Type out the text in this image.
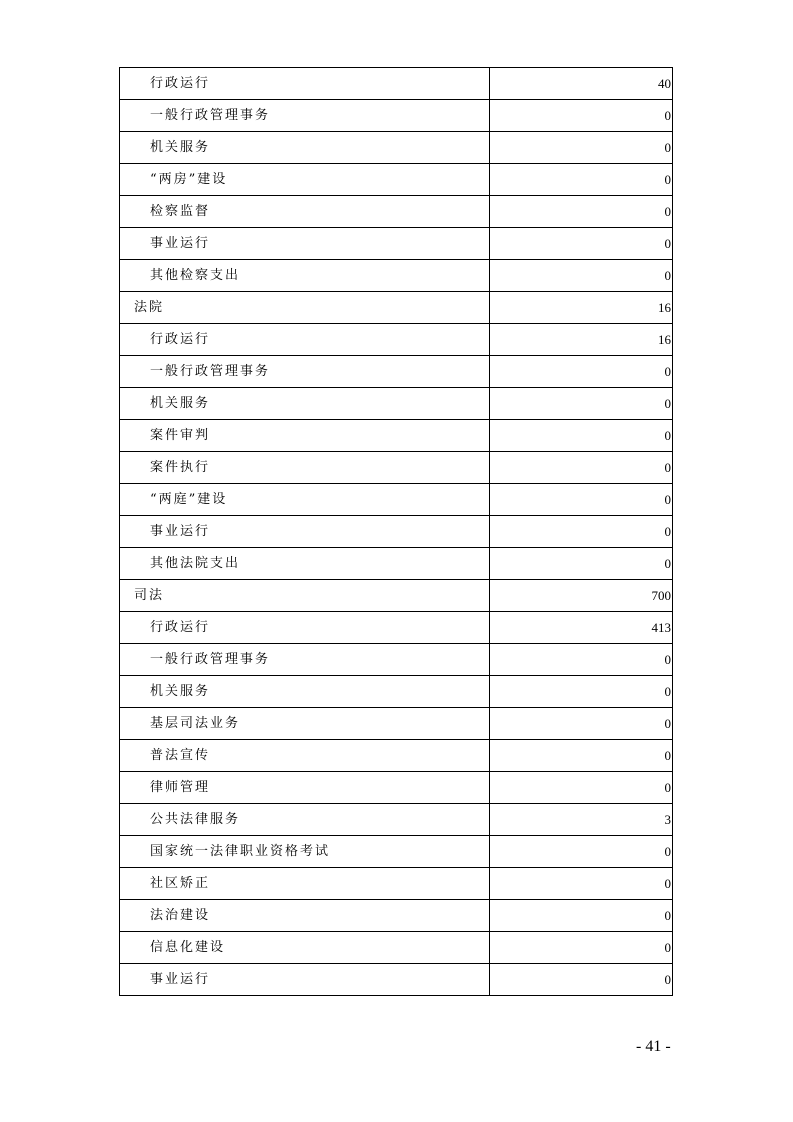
行政运行	40
一般行政管理事务	0
机关服务	0
“两房”建设	0
检察监督	0
事业运行	0
其他检察支出	0
法院	16
行政运行	16
一般行政管理事务	0
机关服务	0
案件审判	0
案件执行	0
“两庭”建设	0
事业运行	0
其他法院支出	0
司法	700
行政运行	413
一般行政管理事务	0
机关服务	0
基层司法业务	0
普法宣传	0
律师管理	0
公共法律服务	3
国家统一法律职业资格考试	0
社区矫正	0
法治建设	0
信息化建设	0
事业运行	0
- 41 -
